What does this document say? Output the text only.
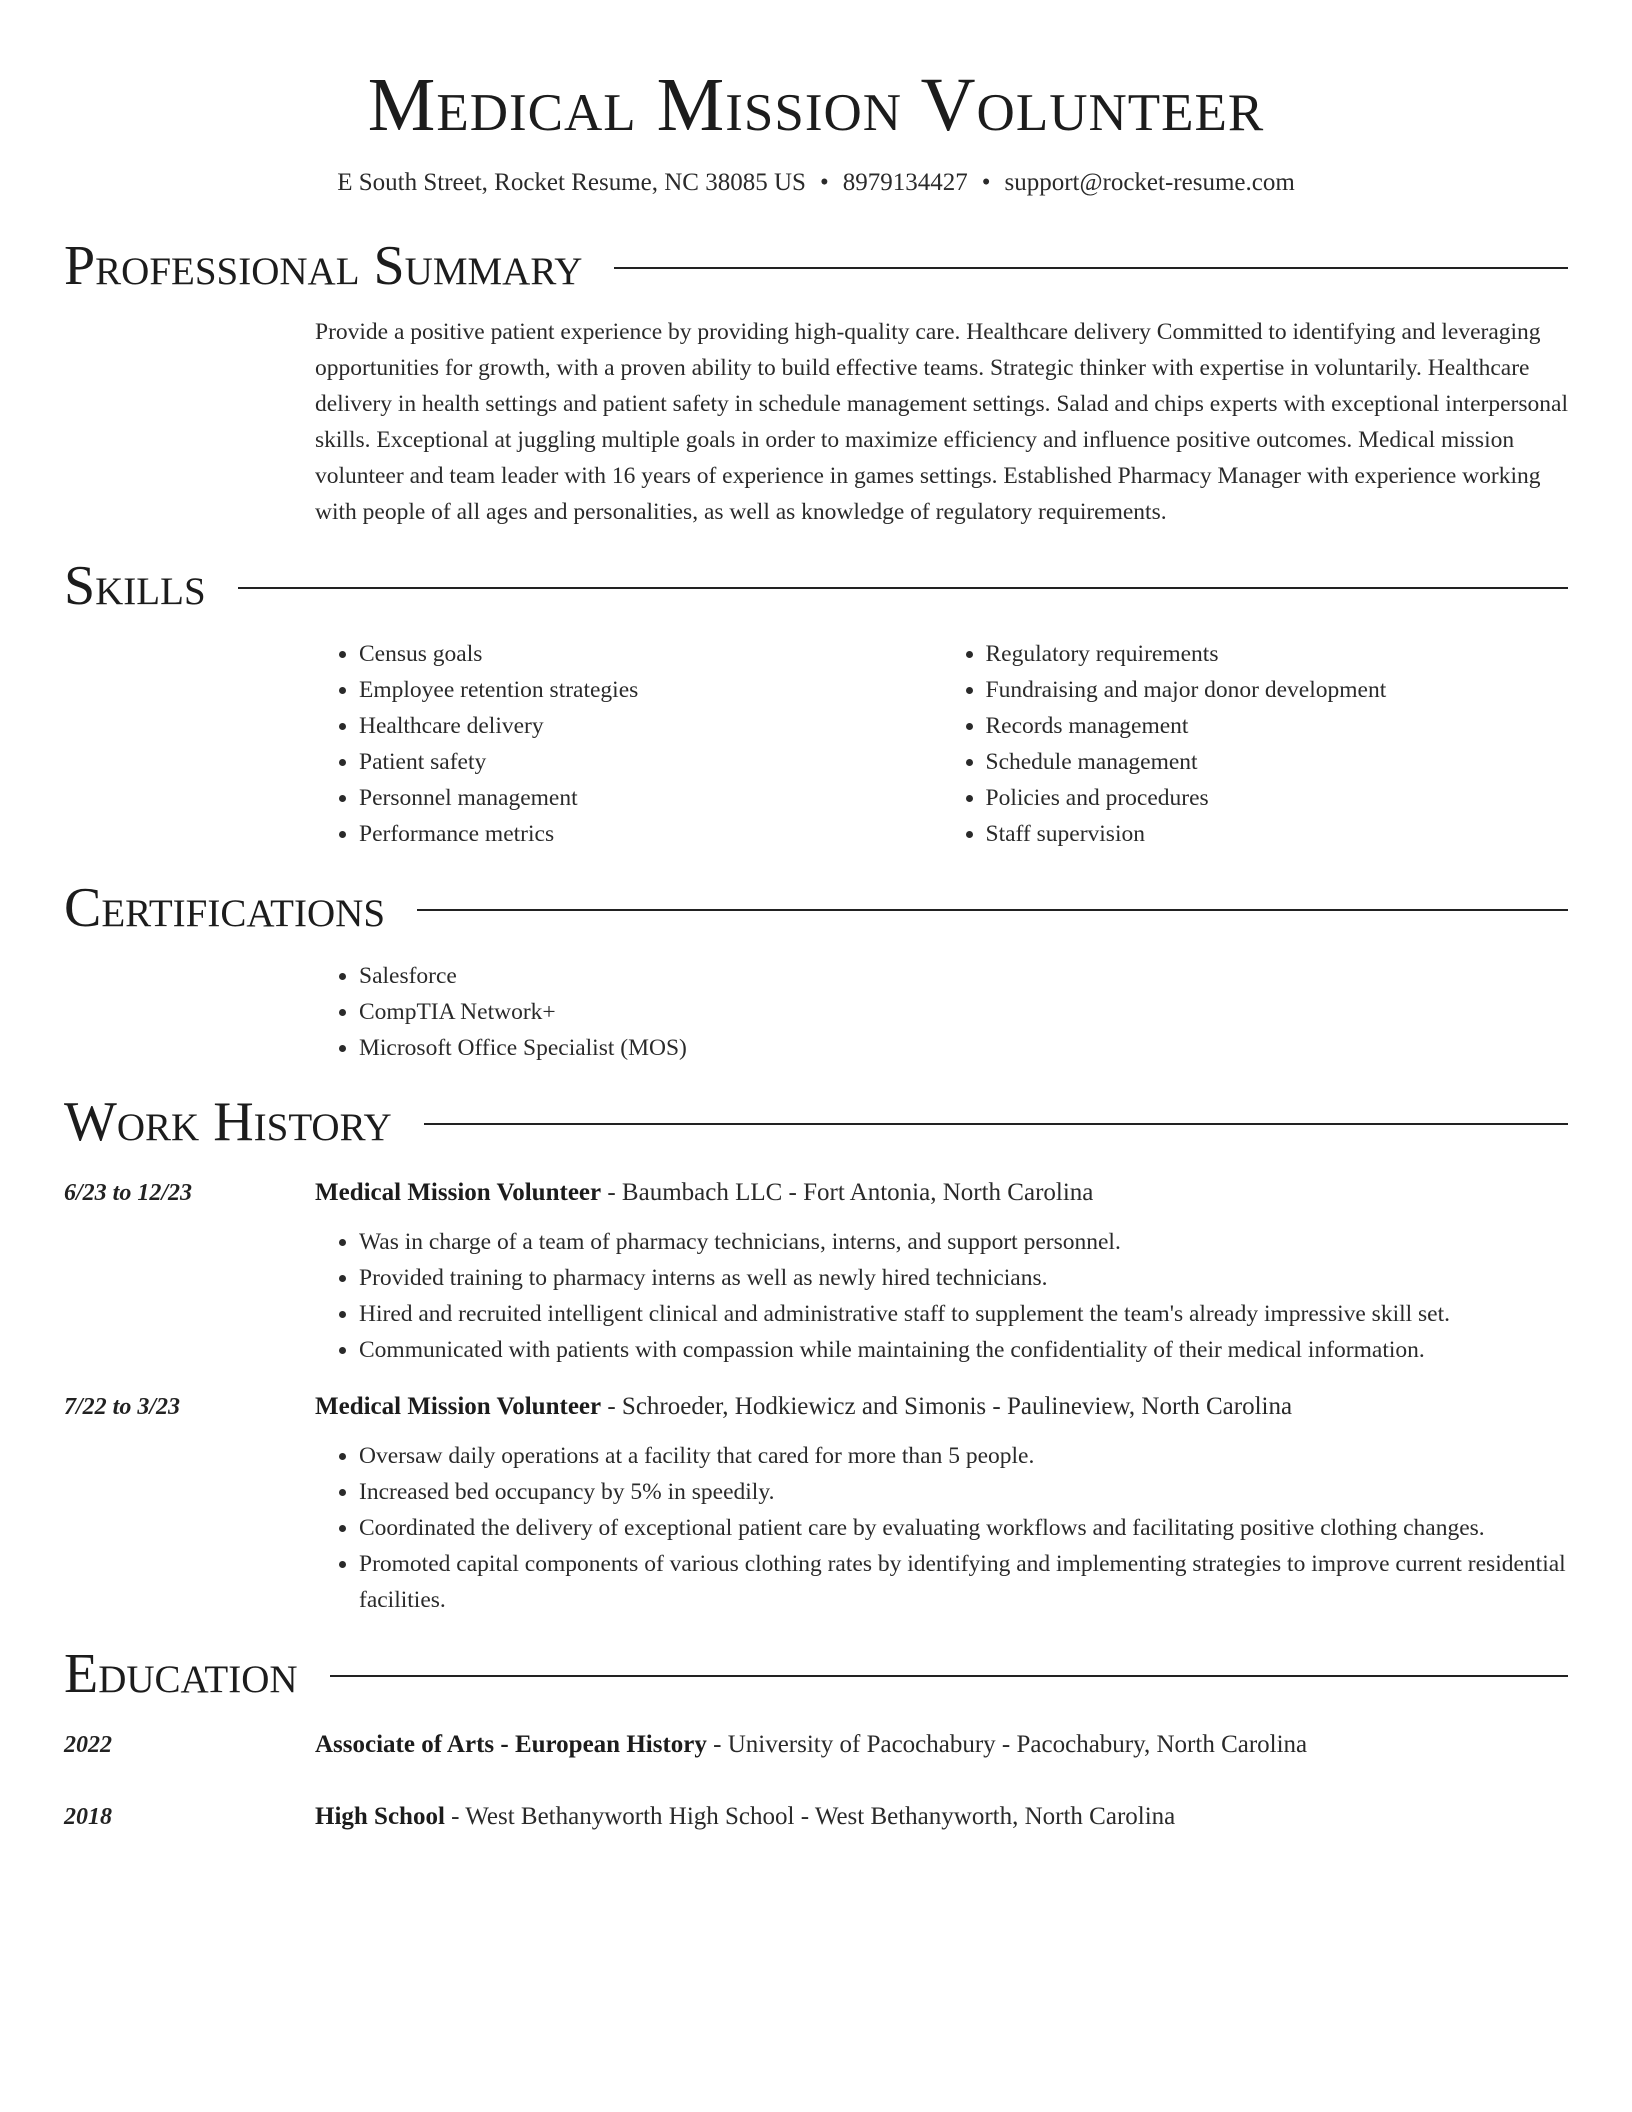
Medical Mission Volunteer
E South Street, Rocket Resume, NC 38085 US • 8979134427 • support@rocket-resume.com
Professional Summary

Provide a positive patient experience by providing high-quality care. Healthcare delivery Committed to identifying and leveraging opportunities for growth, with a proven ability to build effective teams. Strategic thinker with expertise in voluntarily. Healthcare delivery in health settings and patient safety in schedule management settings. Salad and chips experts with exceptional interpersonal skills. Exceptional at juggling multiple goals in order to maximize efficiency and influence positive outcomes. Medical mission volunteer and team leader with 16 years of experience in games settings. Established Pharmacy Manager with experience working with people of all ages and personalities, as well as knowledge of regulatory requirements.

Skills
• Census goals
• Employee retention strategies
• Healthcare delivery
• Patient safety
• Personnel management
• Performance metrics
• Regulatory requirements
• Fundraising and major donor development
• Records management
• Schedule management
• Policies and procedures
• Staff supervision
Certifications
• Salesforce
• CompTIA Network+
• Microsoft Office Specialist (MOS)
Work History
6/23 to 12/23	Medical Mission Volunteer - Baumbach LLC - Fort Antonia, North Carolina
• Was in charge of a team of pharmacy technicians, interns, and support personnel.
• Provided training to pharmacy interns as well as newly hired technicians.
• Hired and recruited intelligent clinical and administrative staff to supplement the team's already impressive skill set.
• Communicated with patients with compassion while maintaining the confidentiality of their medical information.
7/22 to 3/23	Medical Mission Volunteer - Schroeder, Hodkiewicz and Simonis - Paulineview, North Carolina
• Oversaw daily operations at a facility that cared for more than 5 people.
• Increased bed occupancy by 5% in speedily.
• Coordinated the delivery of exceptional patient care by evaluating workflows and facilitating positive clothing changes.
• Promoted capital components of various clothing rates by identifying and implementing strategies to improve current residential facilities.
Education
2022	Associate of Arts - European History - University of Pacochabury - Pacochabury, North Carolina
2018	High School - West Bethanyworth High School - West Bethanyworth, North Carolina
